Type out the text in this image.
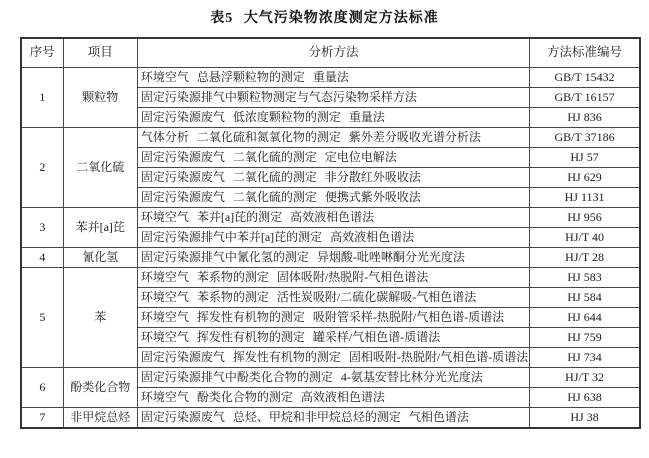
表5 大气污染物浓度测定方法标准
序号	项目	分析方法	方法标准编号
1	颗粒物	环境空气 总悬浮颗粒物的测定 重量法	GB/T 15432
		固定污染源排气中颗粒物测定与气态污染物采样方法	GB/T 16157
		固定污染源废气 低浓度颗粒物的测定 重量法	HJ 836
2	二氧化硫	气体分析 二氧化硫和氮氧化物的测定 紫外差分吸收光谱分析法	GB/T 37186
		固定污染源废气 二氧化硫的测定 定电位电解法	HJ 57
		固定污染源废气 二氧化硫的测定 非分散红外吸收法	HJ 629
		固定污染源废气 二氧化硫的测定 便携式紫外吸收法	HJ 1131
3	苯并[a]芘	环境空气 苯并[a]芘的测定 高效液相色谱法	HJ 956
		固定污染源排气中苯并[a]芘的测定 高效液相色谱法	HJ/T 40
4	氰化氢	固定污染源排气中氰化氢的测定 异烟酸-吡唑啉酮分光光度法	HJ/T 28
5	苯	环境空气 苯系物的测定 固体吸附/热脱附-气相色谱法	HJ 583
		环境空气 苯系物的测定 活性炭吸附/二硫化碳解吸-气相色谱法	HJ 584
		环境空气 挥发性有机物的测定 吸附管采样-热脱附/气相色谱-质谱法	HJ 644
		环境空气 挥发性有机物的测定 罐采样/气相色谱-质谱法	HJ 759
		固定污染源废气 挥发性有机物的测定 固相吸附-热脱附/气相色谱-质谱法	HJ 734
6	酚类化合物	固定污染源排气中酚类化合物的测定 4-氨基安替比林分光光度法	HJ/T 32
		环境空气 酚类化合物的测定 高效液相色谱法	HJ 638
7	非甲烷总烃	固定污染源废气 总烃、甲烷和非甲烷总烃的测定 气相色谱法	HJ 38
